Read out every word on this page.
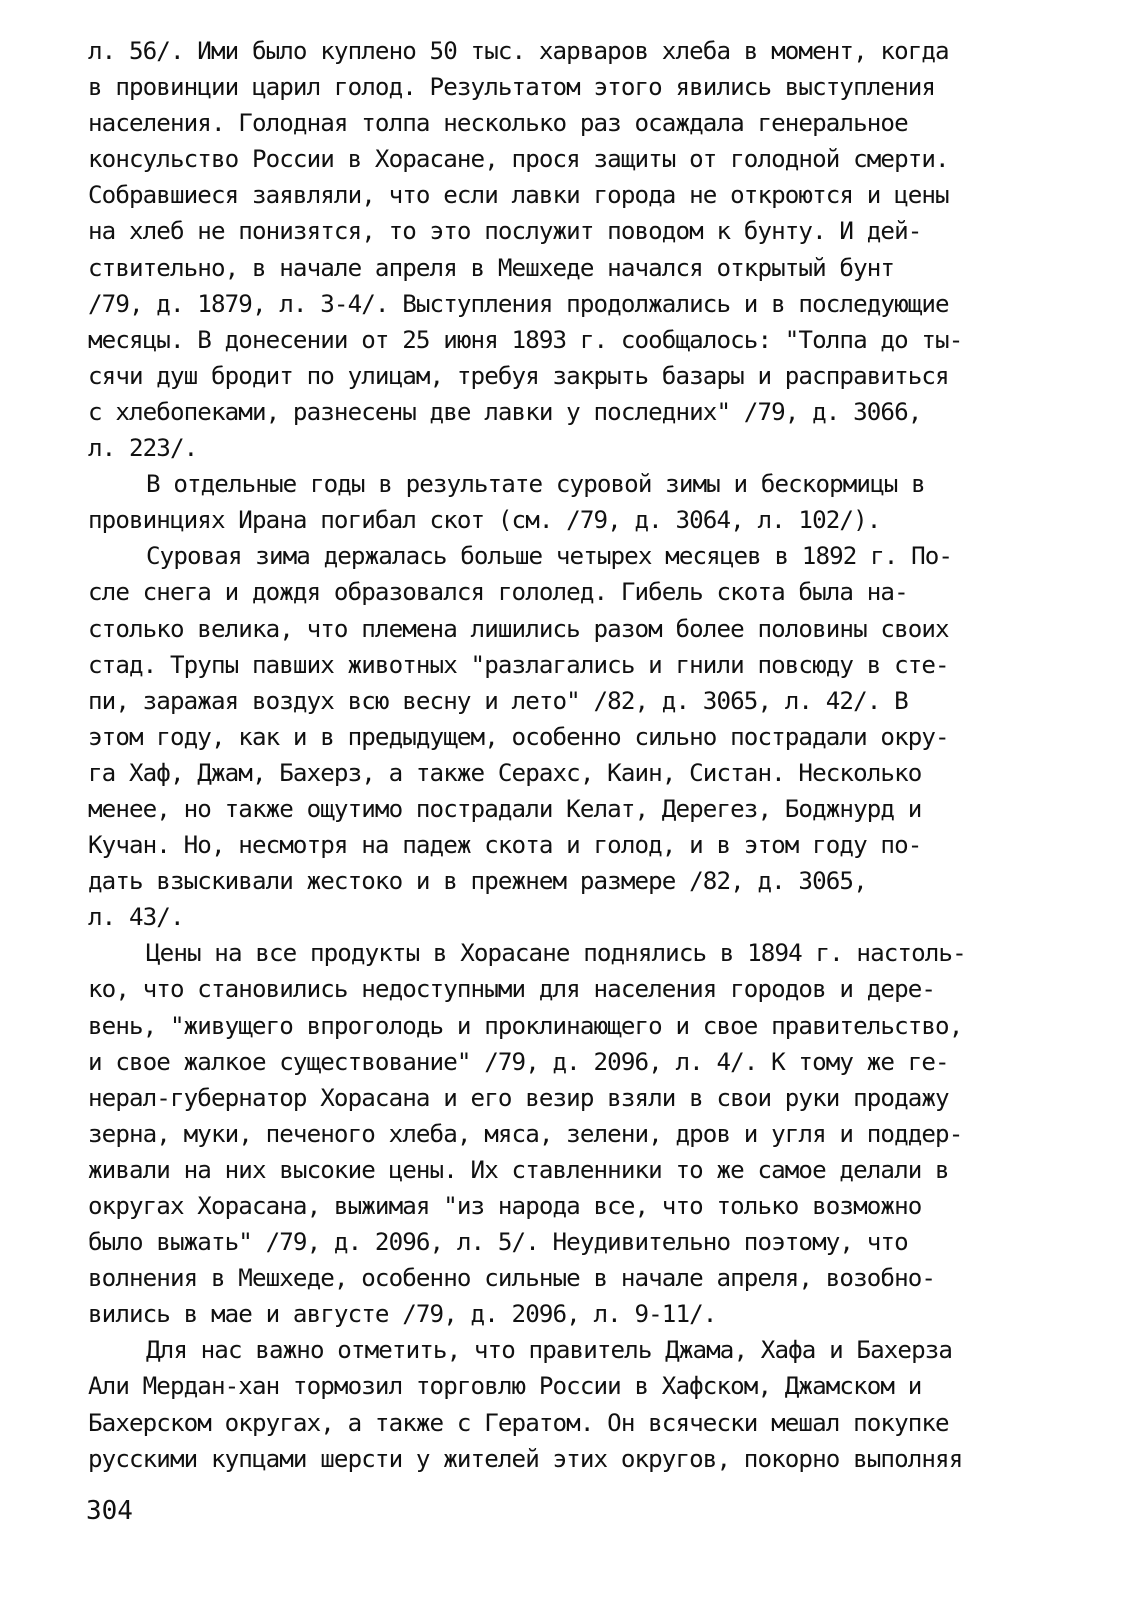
л. 56/. Ими было куплено 50 тыс. харваров хлеба в момент, когда
в провинции царил голод. Результатом этого явились выступления
населения. Голодная толпа несколько раз осаждала генеральное
консульство России в Хорасане, прося защиты от голодной смерти.
Собравшиеся заявляли, что если лавки города не откроются и цены
на хлеб не понизятся, то это послужит поводом к бунту. И дей-
ствительно, в начале апреля в Мешхеде начался открытый бунт
/79, д. 1879, л. 3-4/. Выступления продолжались и в последующие
месяцы. В донесении от 25 июня 1893 г. сообщалось: "Толпа до ты-
сячи душ бродит по улицам, требуя закрыть базары и расправиться
с хлебопеками, разнесены две лавки у последних" /79, д. 3066,
л. 223/.
В отдельные годы в результате суровой зимы и бескормицы в
провинциях Ирана погибал скот (см. /79, д. 3064, л. 102/).
Суровая зима держалась больше четырех месяцев в 1892 г. По-
сле снега и дождя образовался гололед. Гибель скота была на-
столько велика, что племена лишились разом более половины своих
стад. Трупы павших животных "разлагались и гнили повсюду в сте-
пи, заражая воздух всю весну и лето" /82, д. 3065, л. 42/. В
этом году, как и в предыдущем, особенно сильно пострадали окру-
га Хаф, Джам, Бахерз, а также Серахс, Каин, Систан. Несколько
менее, но также ощутимо пострадали Келат, Дерегез, Боджнурд и
Кучан. Но, несмотря на падеж скота и голод, и в этом году по-
дать взыскивали жестоко и в прежнем размере /82, д. 3065,
л. 43/.
Цены на все продукты в Хорасане поднялись в 1894 г. настоль-
ко, что становились недоступными для населения городов и дере-
вень, "живущего впроголодь и проклинающего и свое правительство,
и свое жалкое существование" /79, д. 2096, л. 4/. К тому же ге-
нерал-губернатор Хорасана и его везир взяли в свои руки продажу
зерна, муки, печеного хлеба, мяса, зелени, дров и угля и поддер-
живали на них высокие цены. Их ставленники то же самое делали в
округах Хорасана, выжимая "из народа все, что только возможно
было выжать" /79, д. 2096, л. 5/. Неудивительно поэтому, что
волнения в Мешхеде, особенно сильные в начале апреля, возобно-
вились в мае и августе /79, д. 2096, л. 9-11/.
Для нас важно отметить, что правитель Джама, Хафа и Бахерза
Али Мердан-хан тормозил торговлю России в Хафском, Джамском и
Бахерском округах, а также с Гератом. Он всячески мешал покупке
русскими купцами шерсти у жителей этих округов, покорно выполняя
304
